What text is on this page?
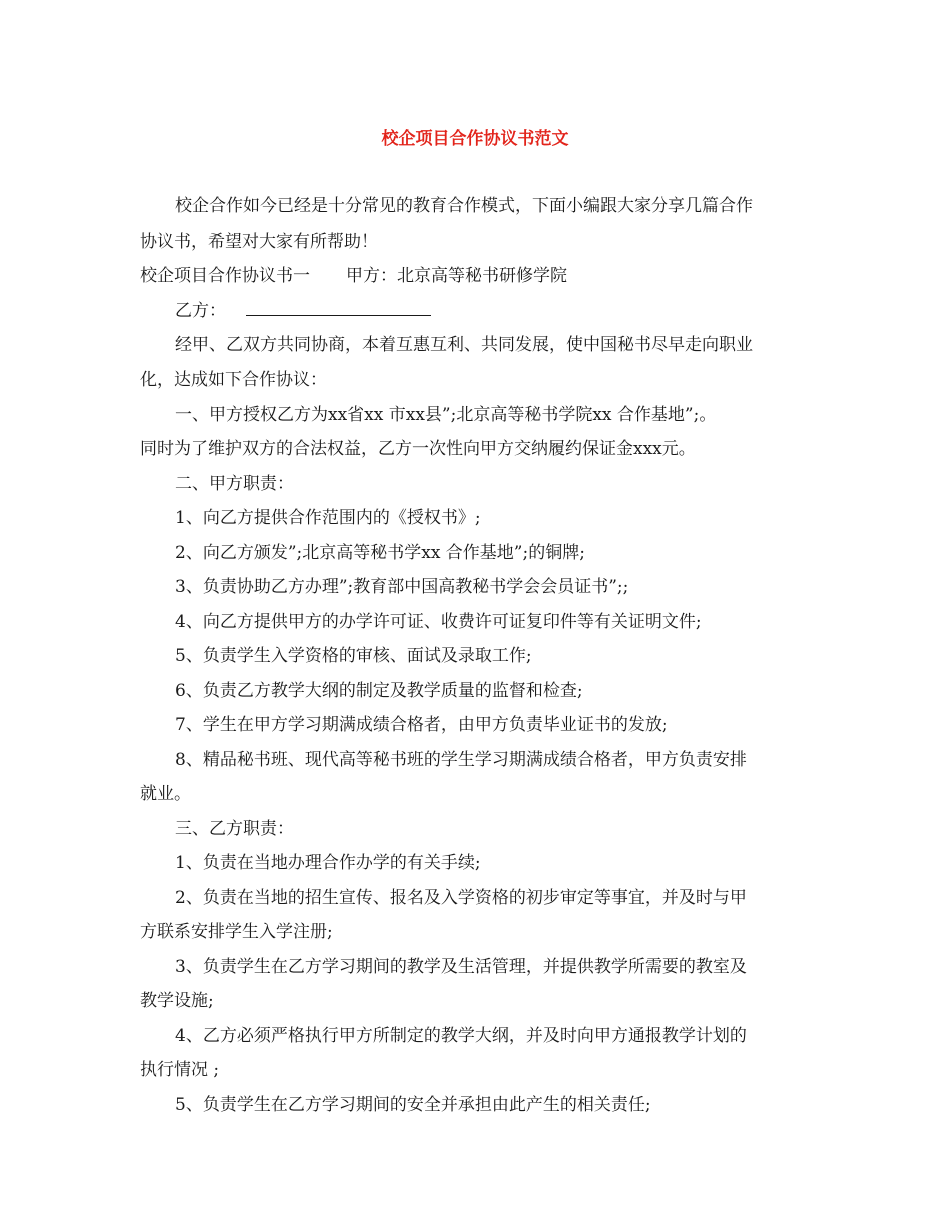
校企项目合作协议书范文
校企合作如今已经是十分常见的教育合作模式，下面小编跟大家分享几篇合作
协议书，希望对大家有所帮助！
校企项目合作协议书一 甲方：北京高等秘书研修学院
乙方：
经甲、乙双方共同协商，本着互惠互利、共同发展，使中国秘书尽早走向职业
化，达成如下合作协议：
一、甲方授权乙方为xx省xx 市xx县”;北京高等秘书学院xx 合作基地”;。
同时为了维护双方的合法权益，乙方一次性向甲方交纳履约保证金xxx元。
二、甲方职责：
1、向乙方提供合作范围内的《授权书》;
2、向乙方颁发”;北京高等秘书学xx 合作基地”;的铜牌;
3、负责协助乙方办理”;教育部中国高教秘书学会会员证书”;;
4、向乙方提供甲方的办学许可证、收费许可证复印件等有关证明文件;
5、负责学生入学资格的审核、面试及录取工作;
6、负责乙方教学大纲的制定及教学质量的监督和检查;
7、学生在甲方学习期满成绩合格者，由甲方负责毕业证书的发放;
8、精品秘书班、现代高等秘书班的学生学习期满成绩合格者，甲方负责安排
就业。
三、乙方职责：
1、负责在当地办理合作办学的有关手续;
2、负责在当地的招生宣传、报名及入学资格的初步审定等事宜，并及时与甲
方联系安排学生入学注册;
3、负责学生在乙方学习期间的教学及生活管理，并提供教学所需要的教室及
教学设施;
4、乙方必须严格执行甲方所制定的教学大纲，并及时向甲方通报教学计划的
执行情况 ;
5、负责学生在乙方学习期间的安全并承担由此产生的相关责任;
